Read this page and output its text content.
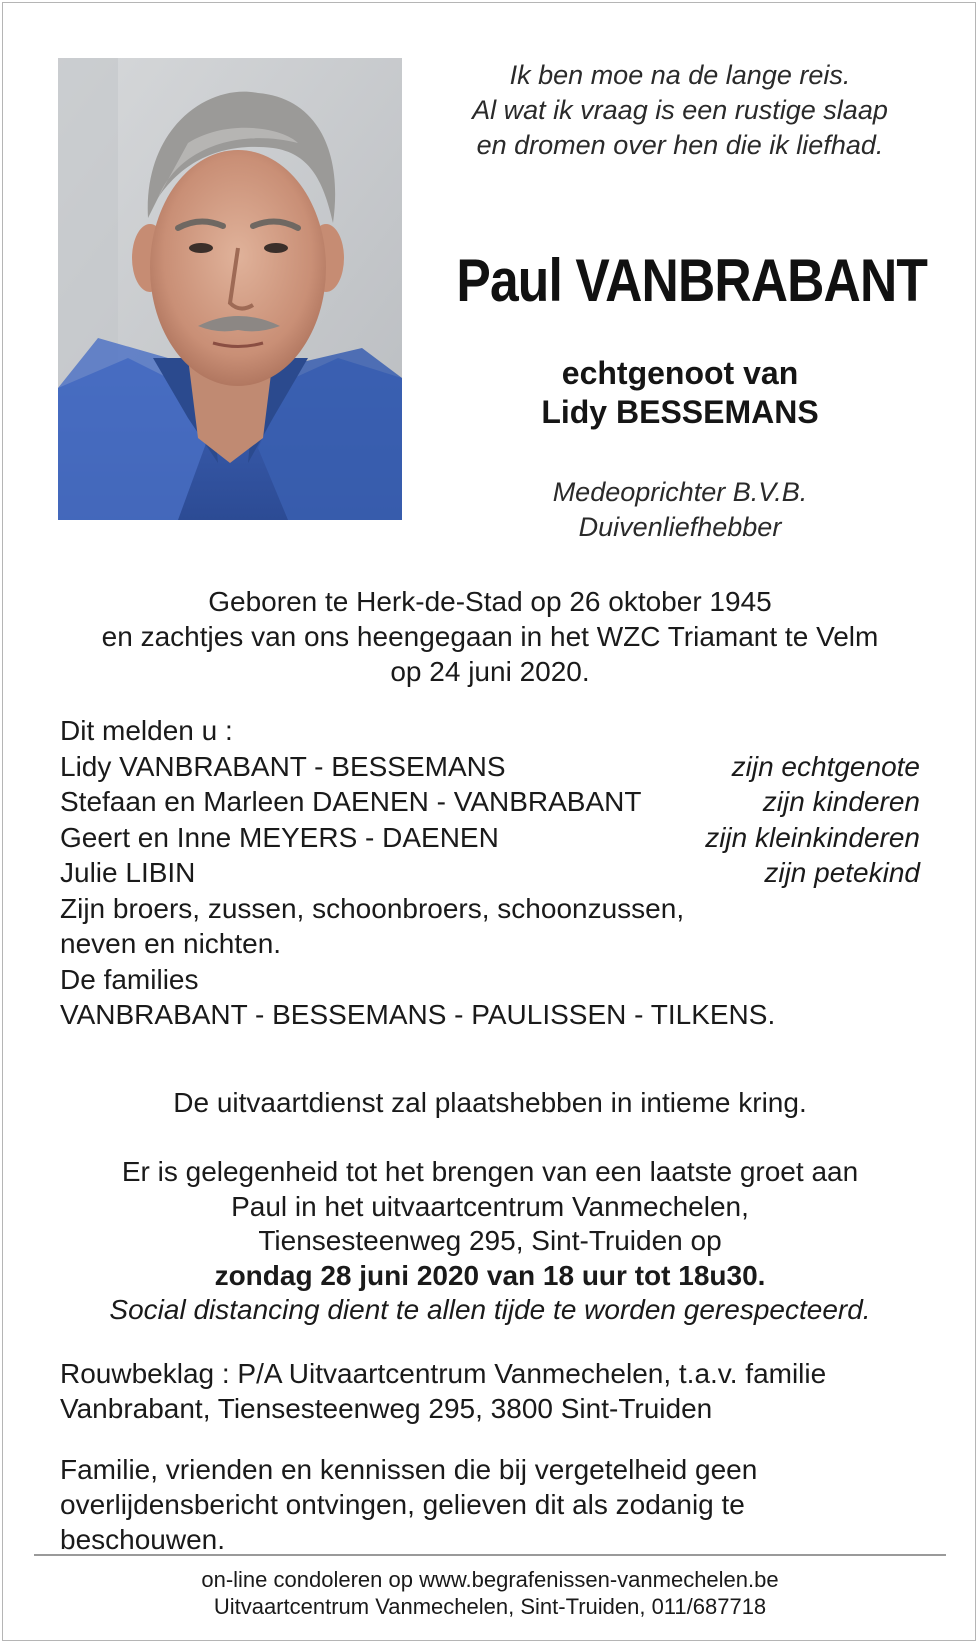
Ik ben moe na de lange reis.
Al wat ik vraag is een rustige slaap
en dromen over hen die ik liefhad.
Paul VANBRABANT
echtgenoot van
Lidy BESSEMANS
Medeoprichter B.V.B.
Duivenliefhebber
Geboren te Herk-de-Stad op 26 oktober 1945
en zachtjes van ons heengegaan in het WZC Triamant te Velm
op 24 juni 2020.
Dit melden u :
Lidy VANBRABANT - BESSEMANS	zijn echtgenote
Stefaan en Marleen DAENEN - VANBRABANT	zijn kinderen
Geert en Inne MEYERS - DAENEN	zijn kleinkinderen
Julie LIBIN	zijn petekind
Zijn broers, zussen, schoonbroers, schoonzussen,
neven en nichten.
De families
VANBRABANT - BESSEMANS - PAULISSEN - TILKENS.
De uitvaartdienst zal plaatshebben in intieme kring.
Er is gelegenheid tot het brengen van een laatste groet aan
Paul in het uitvaartcentrum Vanmechelen,
Tiensesteenweg 295, Sint-Truiden op
zondag 28 juni 2020 van 18 uur tot 18u30.
Social distancing dient te allen tijde te worden gerespecteerd.
Rouwbeklag : P/A Uitvaartcentrum Vanmechelen, t.a.v. familie
Vanbrabant, Tiensesteenweg 295, 3800 Sint-Truiden
Familie, vrienden en kennissen die bij vergetelheid geen
overlijdensbericht ontvingen, gelieven dit als zodanig te
beschouwen.
on-line condoleren op www.begrafenissen-vanmechelen.be
Uitvaartcentrum Vanmechelen, Sint-Truiden, 011/687718
